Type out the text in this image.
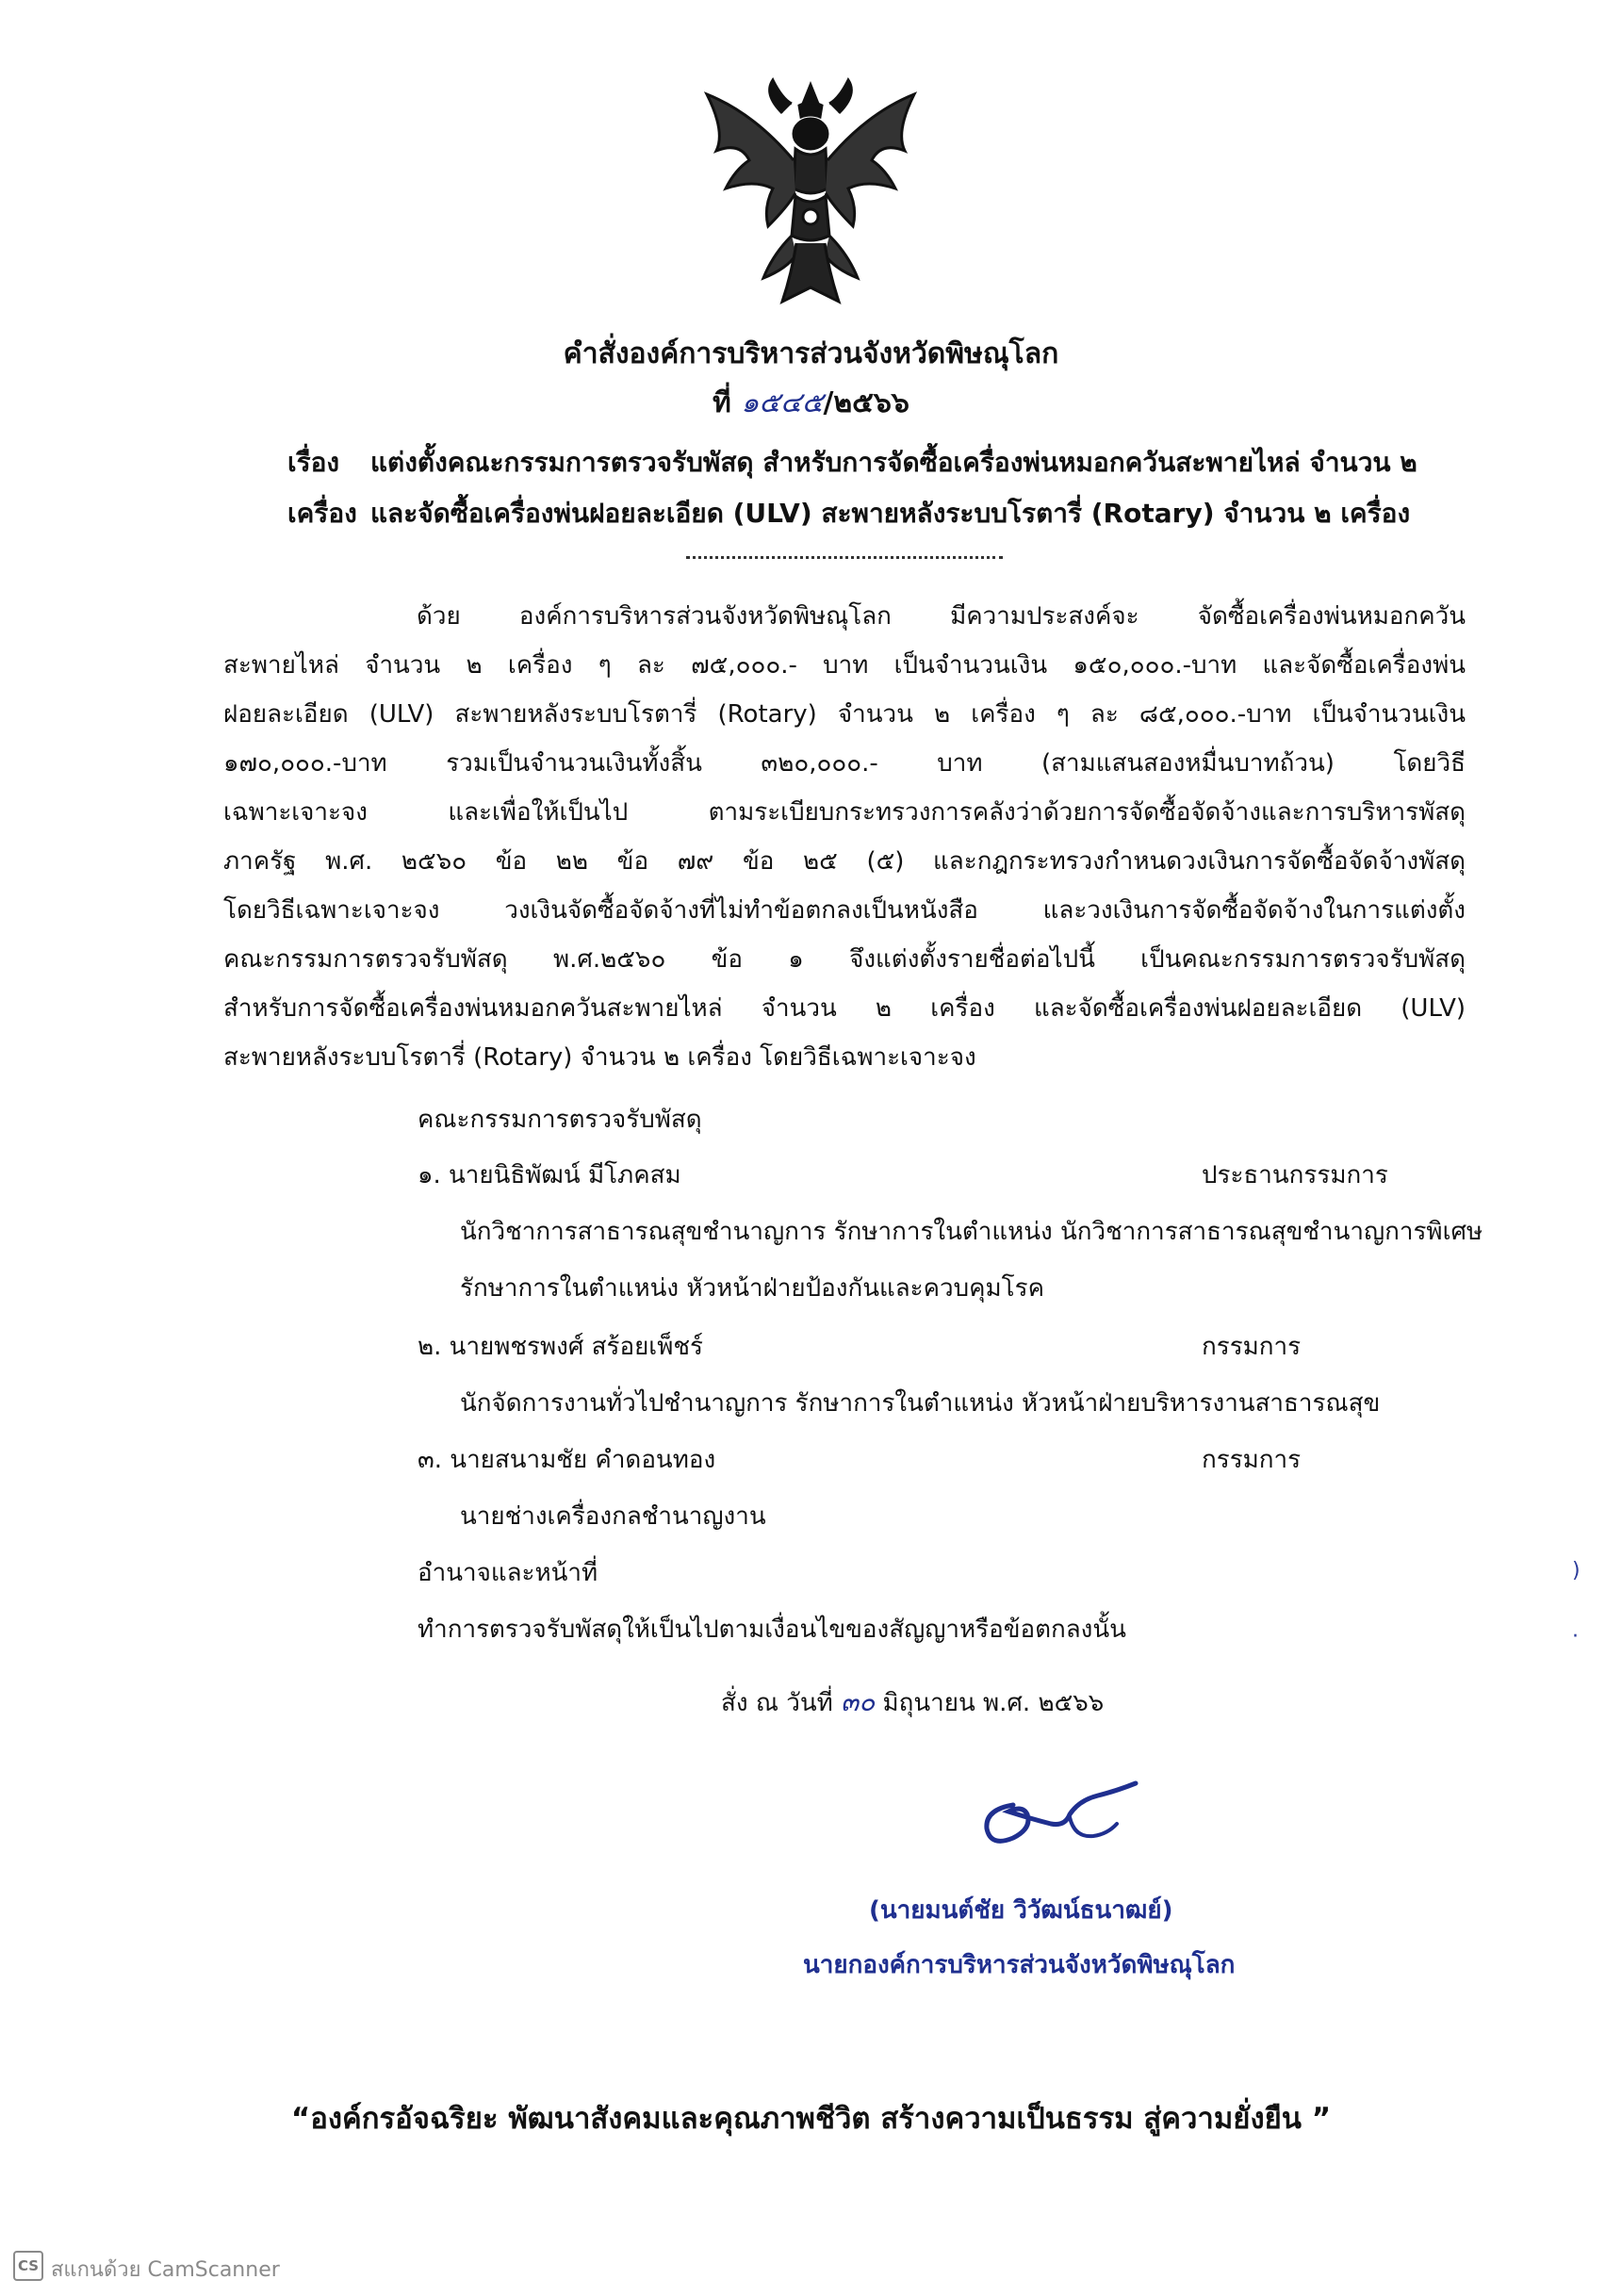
คำสั่งองค์การบริหารส่วนจังหวัดพิษณุโลก
ที่ ๑๕๔๕/๒๕๖๖
เรื่อง แต่งตั้งคณะกรรมการตรวจรับพัสดุ สำหรับการจัดซื้อเครื่องพ่นหมอกควันสะพายไหล่ จำนวน ๒ เครื่อง และจัดซื้อเครื่องพ่นฝอยละเอียด (ULV) สะพายหลังระบบโรตารี่ (Rotary) จำนวน ๒ เครื่อง
ด้วย องค์การบริหารส่วนจังหวัดพิษณุโลก มีความประสงค์จะ จัดซื้อเครื่องพ่นหมอกควัน
สะพายไหล่ จำนวน ๒ เครื่อง ๆ ละ ๗๕,๐๐๐.- บาท เป็นจำนวนเงิน ๑๕๐,๐๐๐.-บาท และจัดซื้อเครื่องพ่น
ฝอยละเอียด (ULV) สะพายหลังระบบโรตารี่ (Rotary) จำนวน ๒ เครื่อง ๆ ละ ๘๕,๐๐๐.-บาท เป็นจำนวนเงิน
๑๗๐,๐๐๐.-บาท รวมเป็นจำนวนเงินทั้งสิ้น ๓๒๐,๐๐๐.- บาท (สามแสนสองหมื่นบาทถ้วน) โดยวิธี
เฉพาะเจาะจง และเพื่อให้เป็นไป ตามระเบียบกระทรวงการคลังว่าด้วยการจัดซื้อจัดจ้างและการบริหารพัสดุ
ภาครัฐ พ.ศ. ๒๕๖๐ ข้อ ๒๒ ข้อ ๗๙ ข้อ ๒๕ (๕) และกฎกระทรวงกำหนดวงเงินการจัดซื้อจัดจ้างพัสดุ
โดยวิธีเฉพาะเจาะจง วงเงินจัดซื้อจัดจ้างที่ไม่ทำข้อตกลงเป็นหนังสือ และวงเงินการจัดซื้อจัดจ้างในการแต่งตั้ง
คณะกรรมการตรวจรับพัสดุ พ.ศ.๒๕๖๐ ข้อ ๑ จึงแต่งตั้งรายชื่อต่อไปนี้ เป็นคณะกรรมการตรวจรับพัสดุ
สำหรับการจัดซื้อเครื่องพ่นหมอกควันสะพายไหล่ จำนวน ๒ เครื่อง และจัดซื้อเครื่องพ่นฝอยละเอียด (ULV)
สะพายหลังระบบโรตารี่ (Rotary) จำนวน ๒ เครื่อง โดยวิธีเฉพาะเจาะจง
คณะกรรมการตรวจรับพัสดุ
๑. นายนิธิพัฒน์ มีโภคสม	ประธานกรรมการ
นักวิชาการสาธารณสุขชำนาญการ รักษาการในตำแหน่ง นักวิชาการสาธารณสุขชำนาญการพิเศษ
รักษาการในตำแหน่ง หัวหน้าฝ่ายป้องกันและควบคุมโรค
๒. นายพชรพงศ์ สร้อยเพ็ชร์	กรรมการ
นักจัดการงานทั่วไปชำนาญการ รักษาการในตำแหน่ง หัวหน้าฝ่ายบริหารงานสาธารณสุข
๓. นายสนามชัย คำดอนทอง	กรรมการ
นายช่างเครื่องกลชำนาญงาน
อำนาจและหน้าที่
ทำการตรวจรับพัสดุให้เป็นไปตามเงื่อนไขของสัญญาหรือข้อตกลงนั้น
สั่ง ณ วันที่ ๓๐ มิถุนายน พ.ศ. ๒๕๖๖
(นายมนต์ชัย วิวัฒน์ธนาฒย์)
นายกองค์การบริหารส่วนจังหวัดพิษณุโลก
“องค์กรอัจฉริยะ พัฒนาสังคมและคุณภาพชีวิต สร้างความเป็นธรรม สู่ความยั่งยืน ”
)
·
CS สแกนด้วย CamScanner
